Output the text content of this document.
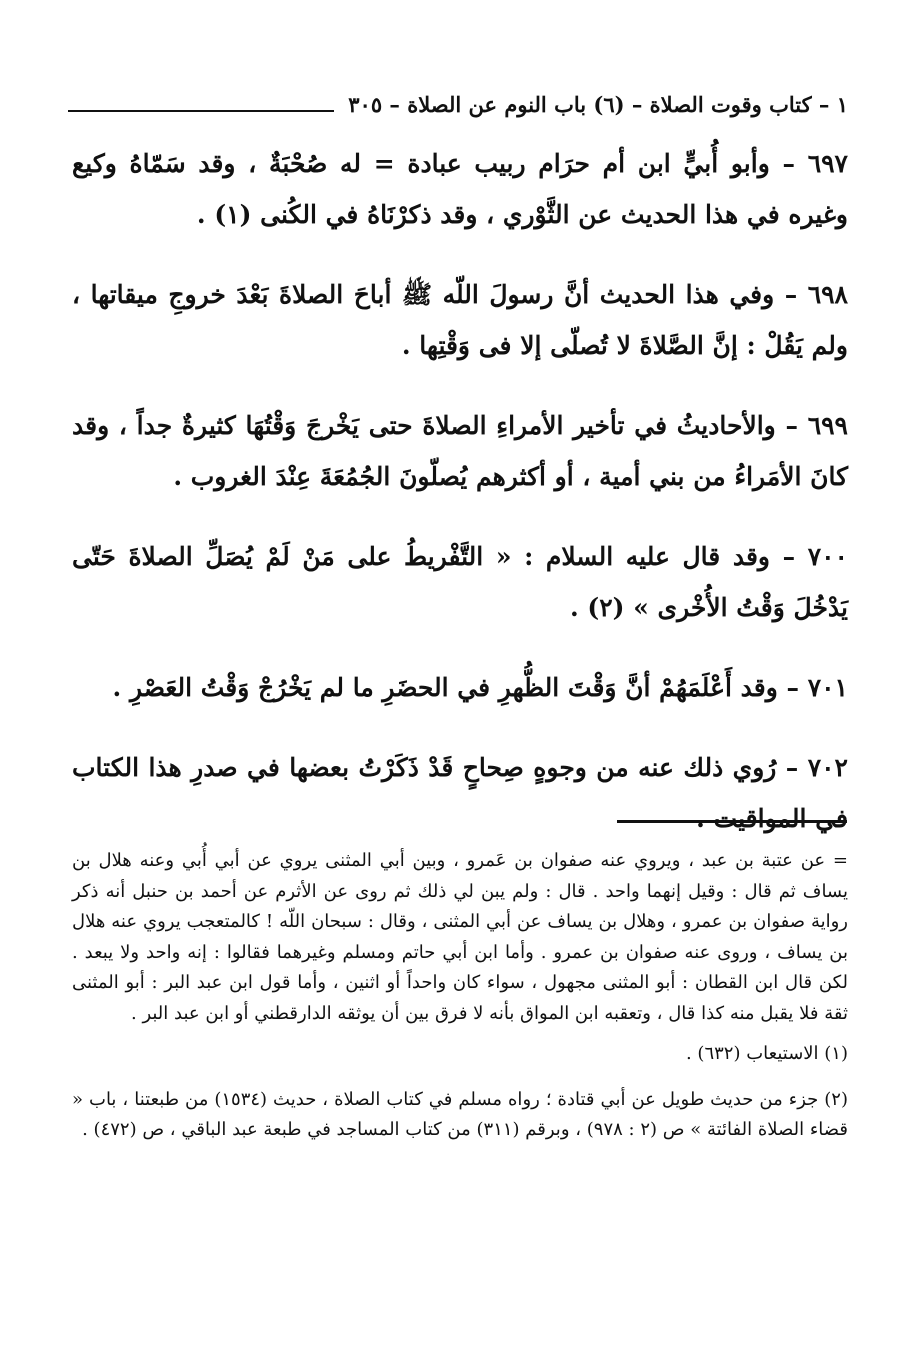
١ – كتاب وقوت الصلاة – (٦) باب النوم عن الصلاة – ٣٠٥

٦٩٧ – وأبو أُبيٍّ ابن أم حرَام ربيب عبادة = له صُحْبَةٌ ، وقد سَمّاهُ وكيع وغيره في هذا الحديث عن الثَّوْري ، وقد ذكرْنَاهُ في الكُنى (١) .

٦٩٨ – وفي هذا الحديث أنَّ رسولَ اللّه ﷺ أباحَ الصلاةَ بَعْدَ خروجِ ميقاتها ، ولم يَقُلْ : إنَّ الصَّلاةَ لا تُصلّى إلا فى وَقْتِها .

٦٩٩ – والأحاديثُ في تأخير الأمراءِ الصلاةَ حتى يَخْرجَ وَقْتُهَا كثيرةٌ جداً ، وقد كانَ الأمَراءُ من بني أمية ، أو أكثرهم يُصلّونَ الجُمُعَةَ عِنْدَ الغروب .

٧٠٠ – وقد قال عليه السلام : « التَّفْريطُ على مَنْ لَمْ يُصَلِّ الصلاةَ حَتّى يَدْخُلَ وَقْتُ الأُخْرى » (٢) .

٧٠١ – وقد أَعْلَمَهُمْ أنَّ وَقْتَ الظُّهرِ في الحضَرِ ما لم يَخْرُجْ وَقْتُ العَصْرِ .

٧٠٢ – رُوي ذلك عنه من وجوهٍ صِحاحٍ قَدْ ذَكَرْتُ بعضها في صدرِ هذا الكتاب في المواقيت .

= عن عتبة بن عبد ، ويروي عنه صفوان بن عَمرو ، وبين أبي المثنى يروي عن أبي أُبي وعنه هلال بن يساف ثم قال : وقيل إنهما واحد . قال : ولم يبن لي ذلك ثم روى عن الأثرم عن أحمد بن حنبل أنه ذكر رواية صفوان بن عمرو ، وهلال بن يساف عن أبي المثنى ، وقال : سبحان اللّه ! كالمتعجب يروي عنه هلال بن يساف ، وروى عنه صفوان بن عمرو . وأما ابن أبي حاتم ومسلم وغيرهما فقالوا : إنه واحد ولا يبعد . لكن قال ابن القطان : أبو المثنى مجهول ، سواء كان واحداً أو اثنين ، وأما قول ابن عبد البر : أبو المثنى ثقة فلا يقبل منه كذا قال ، وتعقبه ابن المواق بأنه لا فرق بين أن يوثقه الدارقطني أو ابن عبد البر .

(١) الاستيعاب (٦٣٢) .

(٢) جزء من حديث طويل عن أبي قتادة ؛ رواه مسلم في كتاب الصلاة ، حديث (١٥٣٤) من طبعتنا ، باب « قضاء الصلاة الفائتة » ص (٢ : ٩٧٨) ، وبرقم (٣١١) من كتاب المساجد في طبعة عبد الباقي ، ص (٤٧٢) .
